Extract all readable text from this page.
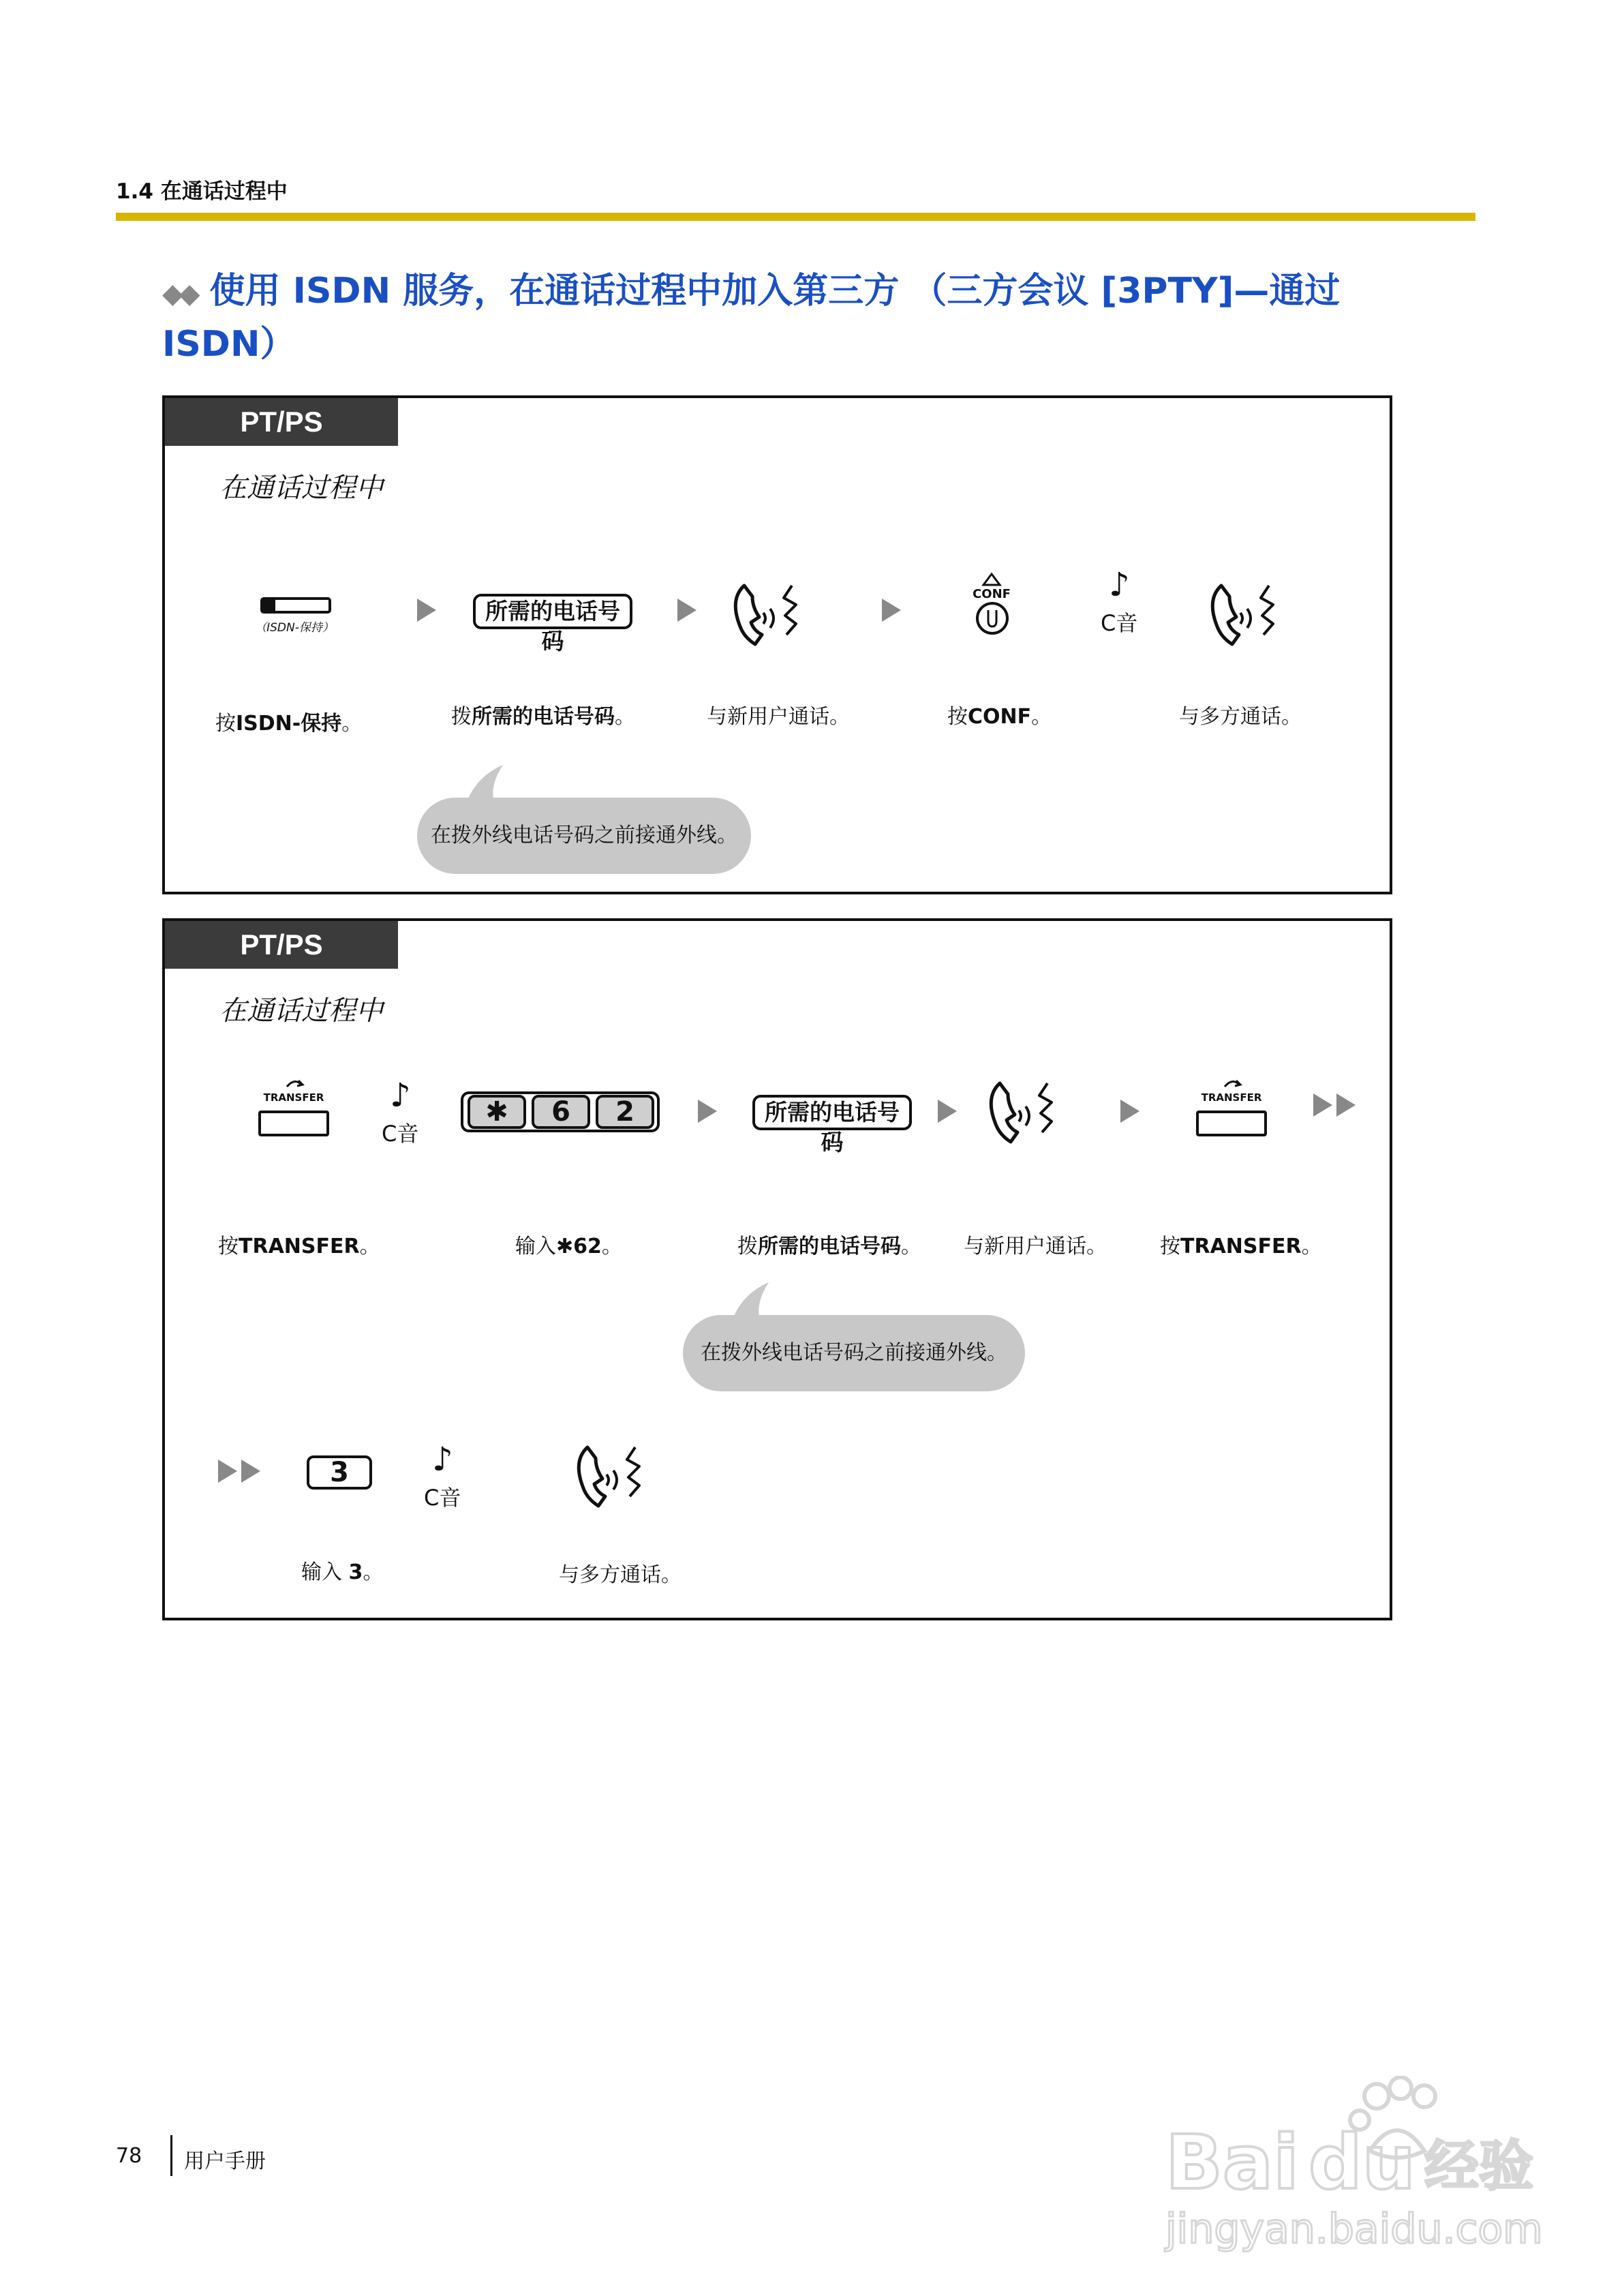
1.4 在通话过程中
◆◆ 使用 ISDN 服务，在通话过程中加入第三方 （三方会议 [3PTY]—通过 ISDN）
PT/PS
在通话过程中
（ISDN-保持）
所需的电话号码
CONF	♪
C音
按ISDN-保持。	拨所需的电话号码。	与新用户通话。	按CONF。	与多方通话。
在拨外线电话号码之前接通外线。
PT/PS
在通话过程中
TRANSFER ♪
C音
✱	6	2	所需的电话号码
TRANSFER
按TRANSFER。	输入✱62。	拨所需的电话号码。 与新用户通话。	按TRANSFER。
在拨外线电话号码之前接通外线。
3	♪
C音
输入 3。	与多方通话。
78 用户手册	Bai du 经验
jingyan.baidu.com
